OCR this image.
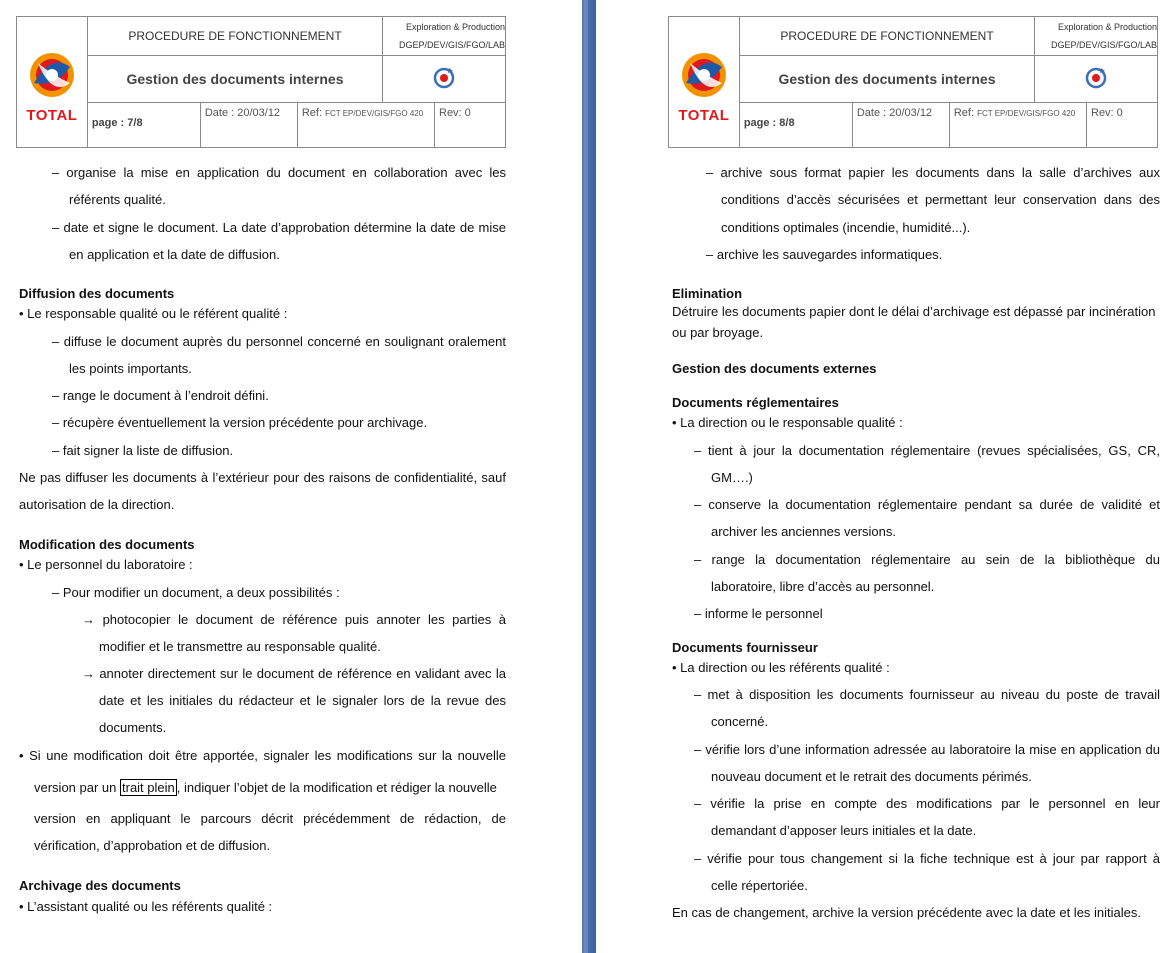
TOTAL
	PROCEDURE DE FONCTIONNEMENT	
Exploration & Production
DGEP/DEV/GIS/FGO/LAB

Gestion des documents internes	

page : 7/8	Date : 20/03/12	Ref: FCT EP/DEV/GIS/FGO 420	Rev: 0
– organise la mise en application du document en collaboration avec les
référents qualité.
– date et signe le document. La date d’approbation détermine la date de mise
en application et la date de diffusion.
Diffusion des documents
• Le responsable qualité ou le référent qualité :
– diffuse le document auprès du personnel concerné en soulignant oralement
les points importants.
– range le document à l’endroit défini.
– récupère éventuellement la version précédente pour archivage.
– fait signer la liste de diffusion.
Ne pas diffuser les documents à l’extérieur pour des raisons de confidentialité, sauf
autorisation de la direction.
Modification des documents
• Le personnel du laboratoire :
– Pour modifier un document, a deux possibilités :
→ photocopier le document de référence puis annoter les parties à
modifier et le transmettre au responsable qualité.
→ annoter directement sur le document de référence en validant avec la
date et les initiales du rédacteur et le signaler lors de la revue des
documents.
• Si une modification doit être apportée, signaler les modifications sur la nouvelle
version par un trait plein , indiquer l’objet de la modification et rédiger la nouvelle
version en appliquant le parcours décrit précédemment de rédaction, de
vérification, d’approbation et de diffusion.
Archivage des documents
• L’assistant qualité ou les référents qualité :
TOTAL
	PROCEDURE DE FONCTIONNEMENT	
Exploration & Production
DGEP/DEV/GIS/FGO/LAB

Gestion des documents internes	

page : 8/8	Date : 20/03/12	Ref: FCT EP/DEV/GIS/FGO 420	Rev: 0
– archive sous format papier les documents dans la salle d’archives aux
conditions d’accès sécurisées et permettant leur conservation dans des
conditions optimales (incendie, humidité...).
– archive les sauvegardes informatiques.
Elimination
Détruire les documents papier dont le délai d’archivage est dépassé par incinération
ou par broyage.
Gestion des documents externes
Documents réglementaires
• La direction ou le responsable qualité :
– tient à jour la documentation réglementaire (revues spécialisées, GS, CR,
GM….)
– conserve la documentation réglementaire pendant sa durée de validité et
archiver les anciennes versions.
– range la documentation réglementaire au sein de la bibliothèque du
laboratoire, libre d’accès au personnel.
– informe le personnel
Documents fournisseur
• La direction ou les référents qualité :
– met à disposition les documents fournisseur au niveau du poste de travail
concerné.
– vérifie lors d’une information adressée au laboratoire la mise en application du
nouveau document et le retrait des documents périmés.
– vérifie la prise en compte des modifications par le personnel en leur
demandant d’apposer leurs initiales et la date.
– vérifie pour tous changement si la fiche technique est à jour par rapport à
celle répertoriée.
En cas de changement, archive la version précédente avec la date et les initiales.
